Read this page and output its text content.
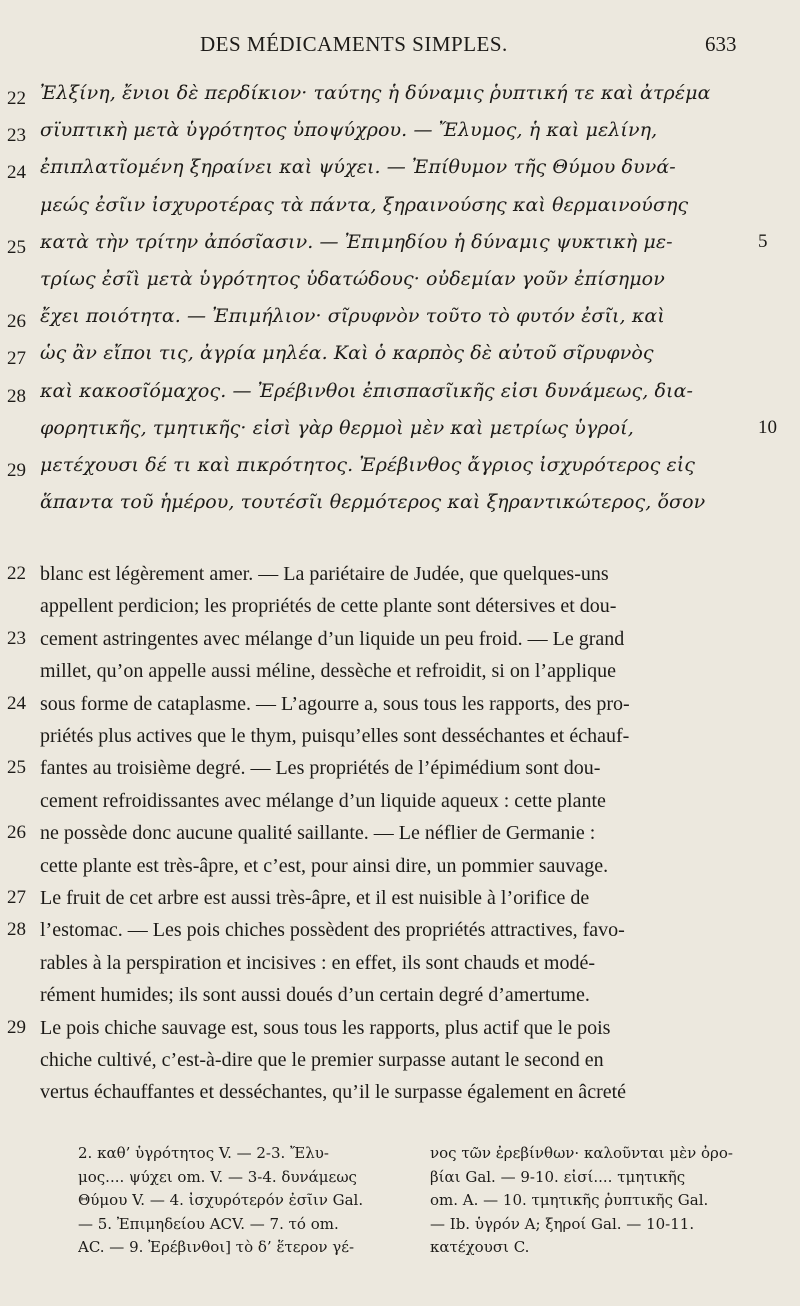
DES MÉDICAMENTS SIMPLES.	633
22 Ἐλξίνη, ἔνιοι δὲ περδίκιον· ταύτης ἡ δύναμις ῥυπτική τε καὶ ἀτρέμα
23 σϊυπτικὴ μετὰ ὑγρότητος ὑποψύχρου. — Ἔλυμος, ἡ καὶ μελίνη,
24 ἐπιπλατῖομένη ξηραίνει καὶ ψύχει. — Ἐπίθυμον τῆς Θύμου δυνά-
μεώς ἐσῖιν ἰσχυροτέρας τὰ πάντα, ξηραινούσης καὶ θερμαινούσης
25 κατὰ τὴν τρίτην ἀπόσῖασιν. — Ἐπιμηδίου ἡ δύναμις ψυκτικὴ με-	5
τρίως ἐσῖὶ μετὰ ὑγρότητος ὑδατώδους· οὐδεμίαν γοῦν ἐπίσημον
26 ἔχει ποιότητα. — Ἐπιμήλιον· σῖρυφνὸν τοῦτο τὸ φυτόν ἐσῖι, καὶ
27 ὡς ἂν εἴποι τις, ἀγρία μηλέα. Καὶ ὁ καρπὸς δὲ αὐτοῦ σῖρυφνὸς
28 καὶ κακοσῖόμαχος. — Ἐρέβινθοι ἐπισπασῖικῆς εἰσι δυνάμεως, δια-
φορητικῆς, τμητικῆς· εἰσὶ γὰρ θερμοὶ μὲν καὶ μετρίως ὑγροί,	10
29 μετέχουσι δέ τι καὶ πικρότητος. Ἐρέβινθος ἄγριος ἰσχυρότερος εἰς
ἅπαντα τοῦ ἡμέρου, τουτέσῖι θερμότερος καὶ ξηραντικώτερος, ὅσον
22 blanc est légèrement amer. — La pariétaire de Judée, que quelques-uns
appellent perdicion; les propriétés de cette plante sont détersives et dou-
23 cement astringentes avec mélange d’un liquide un peu froid. — Le grand
millet, qu’on appelle aussi méline, dessèche et refroidit, si on l’applique
24 sous forme de cataplasme. — L’agourre a, sous tous les rapports, des pro-
priétés plus actives que le thym, puisqu’elles sont desséchantes et échauf-
25 fantes au troisième degré. — Les propriétés de l’épimédium sont dou-
cement refroidissantes avec mélange d’un liquide aqueux : cette plante
26 ne possède donc aucune qualité saillante. — Le néflier de Germanie :
cette plante est très-âpre, et c’est, pour ainsi dire, un pommier sauvage.
27 Le fruit de cet arbre est aussi très-âpre, et il est nuisible à l’orifice de
28 l’estomac. — Les pois chiches possèdent des propriétés attractives, favo-
rables à la perspiration et incisives : en effet, ils sont chauds et modé-
rément humides; ils sont aussi doués d’un certain degré d’amertume.
29 Le pois chiche sauvage est, sous tous les rapports, plus actif que le pois
chiche cultivé, c’est-à-dire que le premier surpasse autant le second en
vertus échauffantes et desséchantes, qu’il le surpasse également en âcreté
2. καθ’ ὑγρότητος V. — 2-3. Ἔλυ-
μος.... ψύχει om. V. — 3-4. δυνάμεως
Θύμου V. — 4. ἰσχυρότερόν ἐσῖιν Gal.
— 5. Ἐπιμηδείου ACV. — 7. τό om.
AC. — 9. Ἐρέβινθοι] τὸ δ’ ἕτερον γέ-
νος τῶν ἐρεβίνθων· καλοῦνται μὲν ὀρο-
βίαι Gal. — 9-10. εἰσί.... τμητικῆς
om. A. — 10. τμητικῆς ῥυπτικῆς Gal.
— Ib. ὑγρόν A; ξηροί Gal. — 10-11.
κατέχουσι C.
